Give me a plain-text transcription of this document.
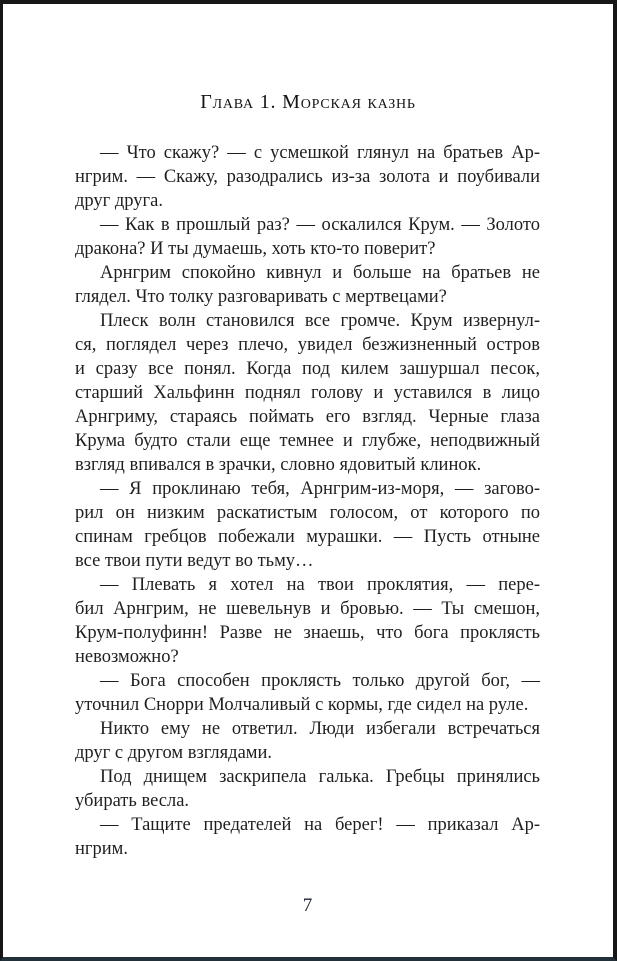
Глава 1. Морская казнь
— Что скажу? — с усмешкой глянул на братьев Ар-
нгрим. — Скажу, разодрались из-за золота и поубивали
друг друга.
— Как в прошлый раз? — оскалился Крум. — Золото
дракона? И ты думаешь, хоть кто-то поверит?
Арнгрим спокойно кивнул и больше на братьев не
глядел. Что толку разговаривать с мертвецами?
Плеск волн становился все громче. Крум извернул-
ся, поглядел через плечо, увидел безжизненный остров
и сразу все понял. Когда под килем зашуршал песок,
старший Хальфинн поднял голову и уставился в лицо
Арнгриму, стараясь поймать его взгляд. Черные глаза
Крума будто стали еще темнее и глубже, неподвижный
взгляд впивался в зрачки, словно ядовитый клинок.
— Я проклинаю тебя, Арнгрим-из-моря, — загово-
рил он низким раскатистым голосом, от которого по
спинам гребцов побежали мурашки. — Пусть отныне
все твои пути ведут во тьму…
— Плевать я хотел на твои проклятия, — пере-
бил Арнгрим, не шевельнув и бровью. — Ты смешон,
Крум-полуфинн! Разве не знаешь, что бога проклясть
невозможно?
— Бога способен проклясть только другой бог, —
уточнил Снорри Молчаливый с кормы, где сидел на руле.
Никто ему не ответил. Люди избегали встречаться
друг с другом взглядами.
Под днищем заскрипела галька. Гребцы принялись
убирать весла.
— Тащите предателей на берег! — приказал Ар-
нгрим.
7
